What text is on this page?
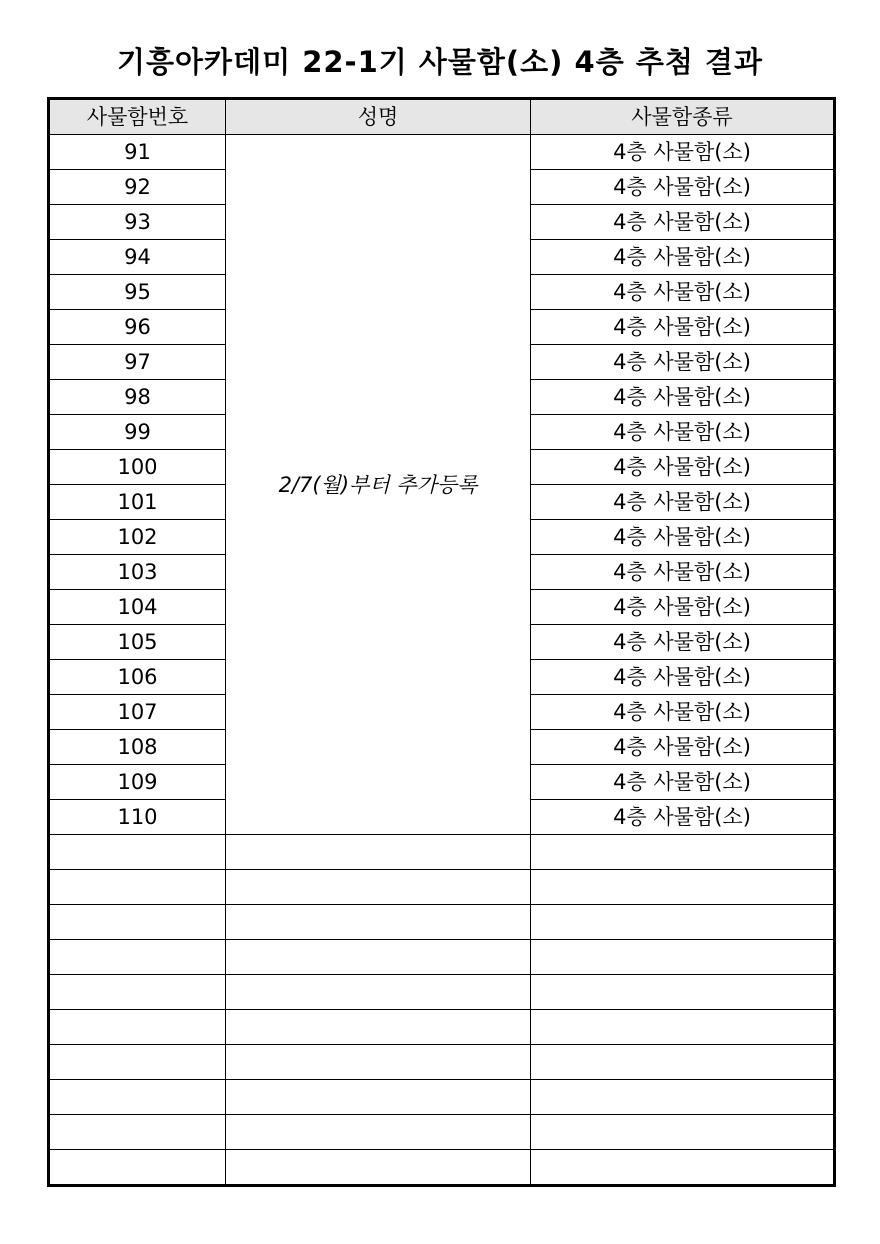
기흥아카데미 22-1기 사물함(소) 4층 추첨 결과
사물함번호	성명	사물함종류
91	2/7(월)부터 추가등록	4층 사물함(소)
92		4층 사물함(소)
93		4층 사물함(소)
94		4층 사물함(소)
95		4층 사물함(소)
96		4층 사물함(소)
97		4층 사물함(소)
98		4층 사물함(소)
99		4층 사물함(소)
100		4층 사물함(소)
101		4층 사물함(소)
102		4층 사물함(소)
103		4층 사물함(소)
104		4층 사물함(소)
105		4층 사물함(소)
106		4층 사물함(소)
107		4층 사물함(소)
108		4층 사물함(소)
109		4층 사물함(소)
110		4층 사물함(소)
